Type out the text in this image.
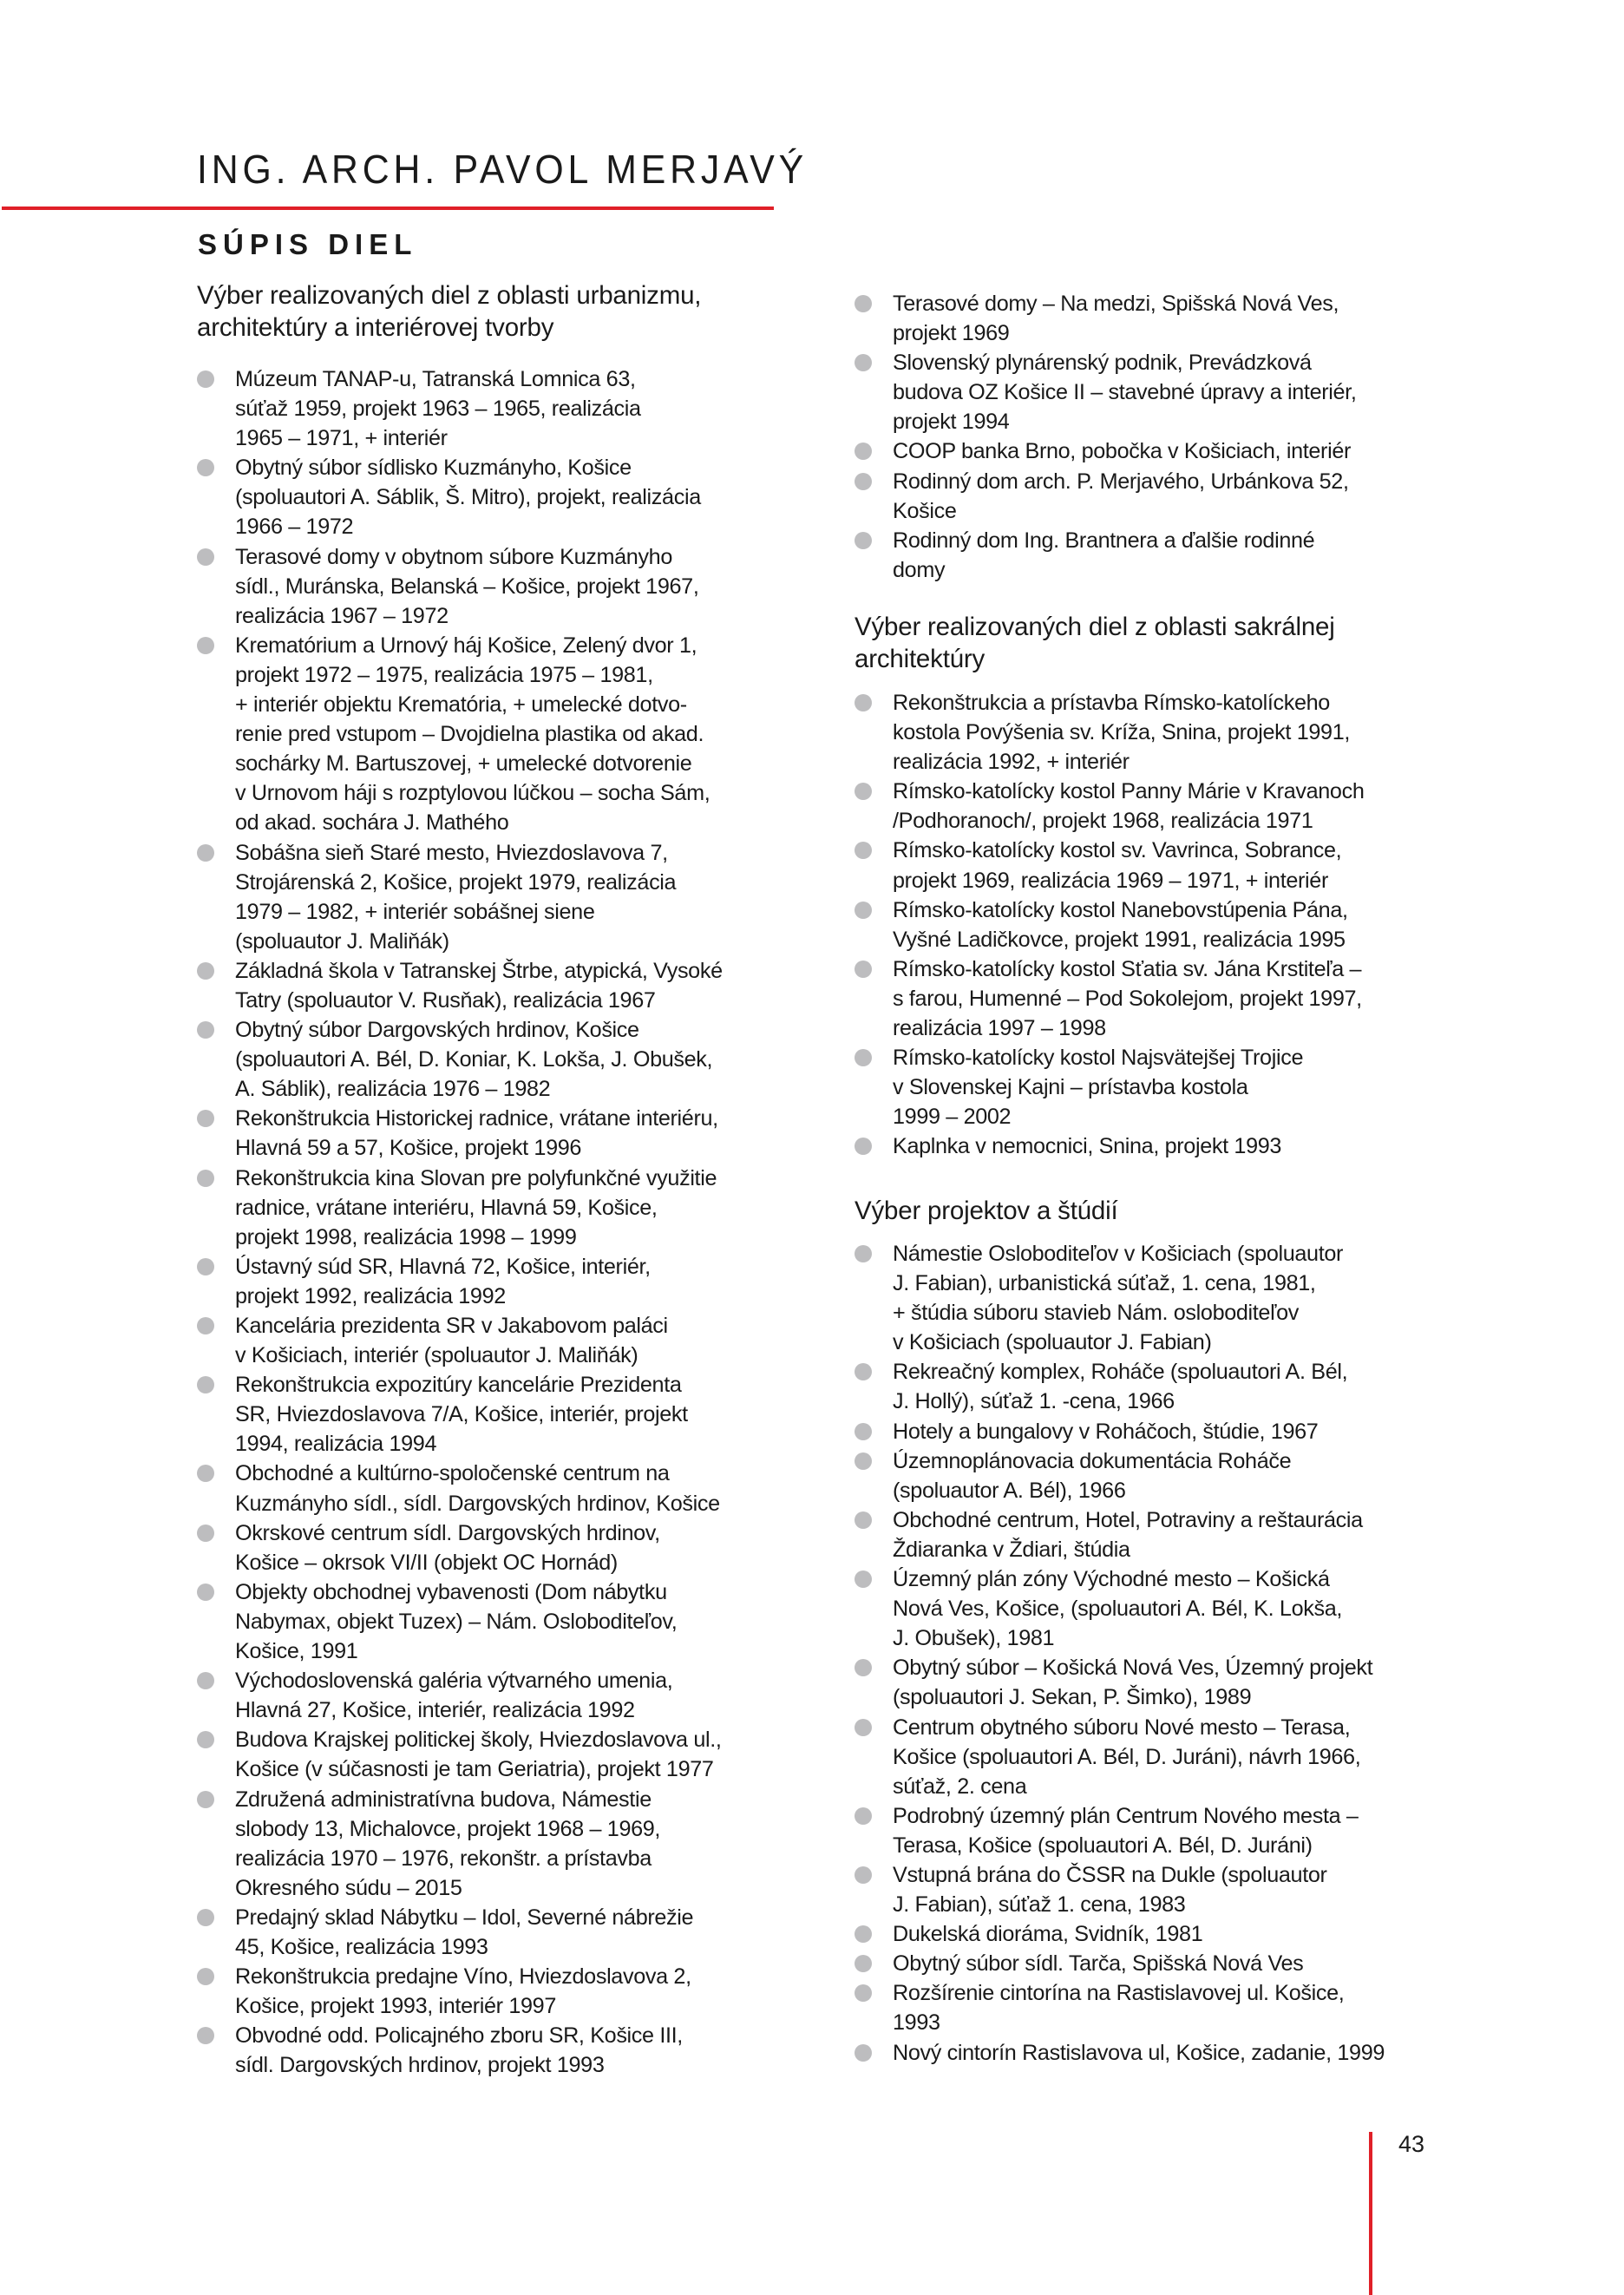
ING. ARCH. PAVOL MERJAVÝ
SÚPIS DIEL
Výber realizovaných diel z oblasti urbanizmu,
architektúry a interiérovej tvorby
Múzeum TANAP-u, Tatranská Lomnica 63,
súťaž 1959, projekt 1963 – 1965, realizácia
1965 – 1971, + interiér
Obytný súbor sídlisko Kuzmányho, Košice
(spoluautori A. Sáblik, Š. Mitro), projekt, realizácia
1966 – 1972
Terasové domy v obytnom súbore Kuzmányho
sídl., Muránska, Belanská – Košice, projekt 1967,
realizácia 1967 – 1972
Krematórium a Urnový háj Košice, Zelený dvor 1,
projekt 1972 – 1975, realizácia 1975 – 1981,
+ interiér objektu Krematória, + umelecké dotvo-
renie pred vstupom – Dvojdielna plastika od akad.
sochárky M. Bartuszovej, + umelecké dotvorenie
v Urnovom háji s rozptylovou lúčkou – socha Sám,
od akad. sochára J. Mathého
Sobášna sieň Staré mesto, Hviezdoslavova 7,
Strojárenská 2, Košice, projekt 1979, realizácia
1979 – 1982, + interiér sobášnej siene
(spoluautor J. Maliňák)
Základná škola v Tatranskej Štrbe, atypická, Vysoké
Tatry (spoluautor V. Rusňak), realizácia 1967
Obytný súbor Dargovských hrdinov, Košice
(spoluautori A. Bél, D. Koniar, K. Lokša, J. Obušek,
A. Sáblik), realizácia 1976 – 1982
Rekonštrukcia Historickej radnice, vrátane interiéru,
Hlavná 59 a 57, Košice, projekt 1996
Rekonštrukcia kina Slovan pre polyfunkčné využitie
radnice, vrátane interiéru, Hlavná 59, Košice,
projekt 1998, realizácia 1998 – 1999
Ústavný súd SR, Hlavná 72, Košice, interiér,
projekt 1992, realizácia 1992
Kancelária prezidenta SR v Jakabovom paláci
v Košiciach, interiér (spoluautor J. Maliňák)
Rekonštrukcia expozitúry kancelárie Prezidenta
SR, Hviezdoslavova 7/A, Košice, interiér, projekt
1994, realizácia 1994
Obchodné a kultúrno-spoločenské centrum na
Kuzmányho sídl., sídl. Dargovských hrdinov, Košice
Okrskové centrum sídl. Dargovských hrdinov,
Košice – okrsok VI/II (objekt OC Hornád)
Objekty obchodnej vybavenosti (Dom nábytku
Nabymax, objekt Tuzex) – Nám. Osloboditeľov,
Košice, 1991
Východoslovenská galéria výtvarného umenia,
Hlavná 27, Košice, interiér, realizácia 1992
Budova Krajskej politickej školy, Hviezdoslavova ul.,
Košice (v súčasnosti je tam Geriatria), projekt 1977
Združená administratívna budova, Námestie
slobody 13, Michalovce, projekt 1968 – 1969,
realizácia 1970 – 1976, rekonštr. a prístavba
Okresného súdu – 2015
Predajný sklad Nábytku – Idol, Severné nábrežie
45, Košice, realizácia 1993
Rekonštrukcia predajne Víno, Hviezdoslavova 2,
Košice, projekt 1993, interiér 1997
Obvodné odd. Policajného zboru SR, Košice III,
sídl. Dargovských hrdinov, projekt 1993
Terasové domy – Na medzi, Spišská Nová Ves,
projekt 1969
Slovenský plynárenský podnik, Prevádzková
budova OZ Košice II – stavebné úpravy a interiér,
projekt 1994
COOP banka Brno, pobočka v Košiciach, interiér
Rodinný dom arch. P. Merjavého, Urbánkova 52,
Košice
Rodinný dom Ing. Brantnera a ďalšie rodinné
domy
Výber realizovaných diel z oblasti sakrálnej
architektúry
Rekonštrukcia a prístavba Rímsko-katolíckeho
kostola Povýšenia sv. Kríža, Snina, projekt 1991,
realizácia 1992, + interiér
Rímsko-katolícky kostol Panny Márie v Kravanoch
/Podhoranoch/, projekt 1968, realizácia 1971
Rímsko-katolícky kostol sv. Vavrinca, Sobrance,
projekt 1969, realizácia 1969 – 1971, + interiér
Rímsko-katolícky kostol Nanebovstúpenia Pána,
Vyšné Ladičkovce, projekt 1991, realizácia 1995
Rímsko-katolícky kostol Sťatia sv. Jána Krstiteľa –
s farou, Humenné – Pod Sokolejom, projekt 1997,
realizácia 1997 – 1998
Rímsko-katolícky kostol Najsvätejšej Trojice
v Slovenskej Kajni – prístavba kostola
1999 – 2002
Kaplnka v nemocnici, Snina, projekt 1993
Výber projektov a štúdií
Námestie Osloboditeľov v Košiciach (spoluautor
J. Fabian), urbanistická súťaž, 1. cena, 1981,
+ štúdia súboru stavieb Nám. osloboditeľov
v Košiciach (spoluautor J. Fabian)
Rekreačný komplex, Roháče (spoluautori A. Bél,
J. Hollý), súťaž 1. -cena, 1966
Hotely a bungalovy v Roháčoch, štúdie, 1967
Územnoplánovacia dokumentácia Roháče
(spoluautor A. Bél), 1966
Obchodné centrum, Hotel, Potraviny a reštaurácia
Ždiaranka v Ždiari, štúdia
Územný plán zóny Východné mesto – Košická
Nová Ves, Košice, (spoluautori A. Bél, K. Lokša,
J. Obušek), 1981
Obytný súbor – Košická Nová Ves, Územný projekt
(spoluautori J. Sekan, P. Šimko), 1989
Centrum obytného súboru Nové mesto – Terasa,
Košice (spoluautori A. Bél, D. Juráni), návrh 1966,
súťaž, 2. cena
Podrobný územný plán Centrum Nového mesta –
Terasa, Košice (spoluautori A. Bél, D. Juráni)
Vstupná brána do ČSSR na Dukle (spoluautor
J. Fabian), súťaž 1. cena, 1983
Dukelská dioráma, Svidník, 1981
Obytný súbor sídl. Tarča, Spišská Nová Ves
Rozšírenie cintorína na Rastislavovej ul. Košice,
1993
Nový cintorín Rastislavova ul, Košice, zadanie, 1999
43
